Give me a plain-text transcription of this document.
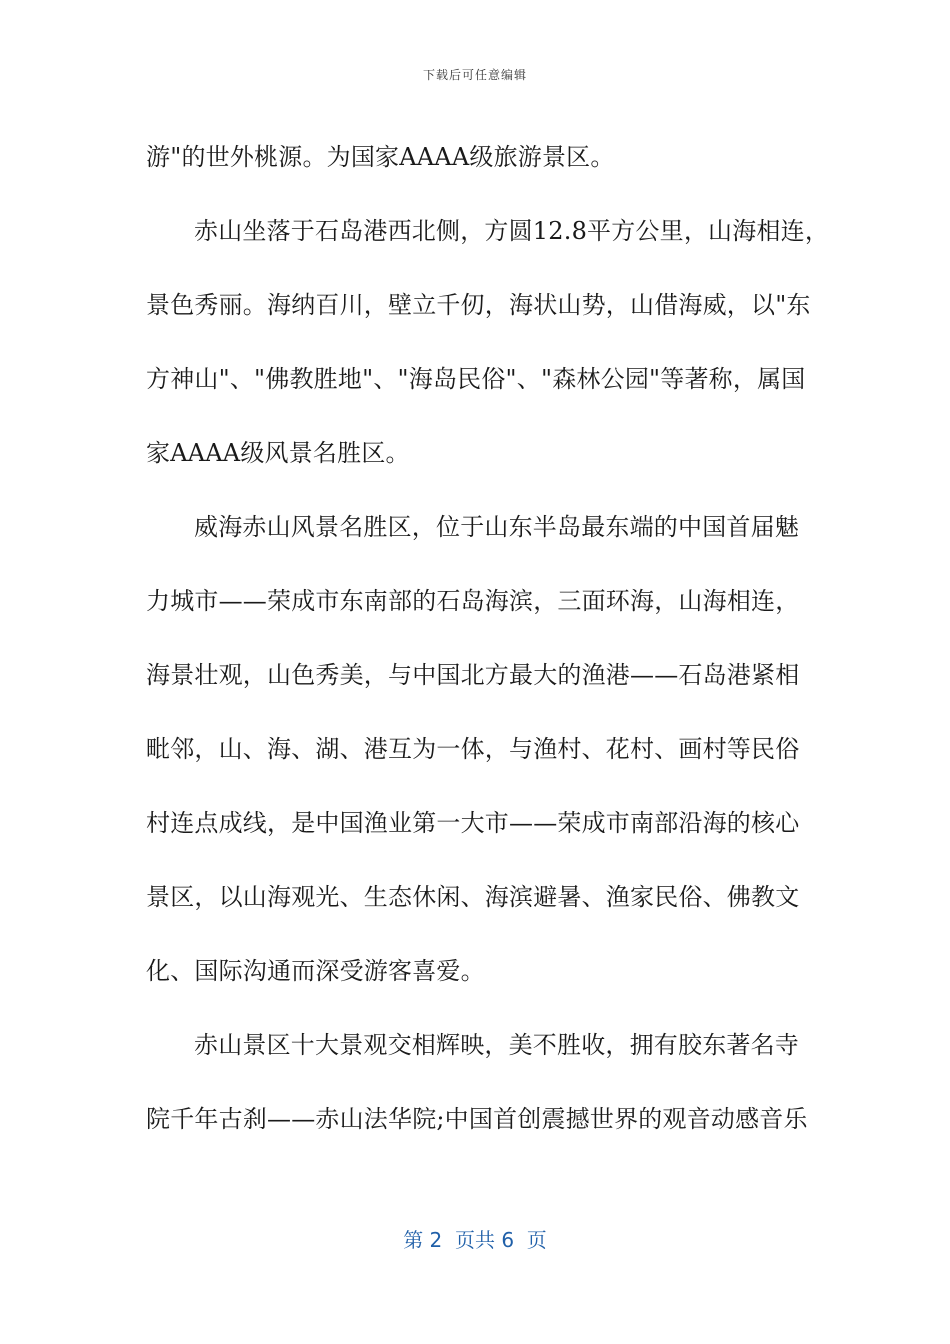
下载后可任意编辑
游"的世外桃源。为国家AAAA级旅游景区。
赤山坐落于石岛港西北侧，方圆12.8平方公里，山海相连，
景色秀丽。海纳百川，壁立千仞，海状山势，山借海威，以"东
方神山"、"佛教胜地"、"海岛民俗"、"森林公园"等著称，属国
家AAAA级风景名胜区。
威海赤山风景名胜区，位于山东半岛最东端的中国首届魅
力城市——荣成市东南部的石岛海滨，三面环海，山海相连，
海景壮观，山色秀美，与中国北方最大的渔港——石岛港紧相
毗邻，山、海、湖、港互为一体，与渔村、花村、画村等民俗
村连点成线，是中国渔业第一大市——荣成市南部沿海的核心
景区，以山海观光、生态休闲、海滨避暑、渔家民俗、佛教文
化、国际沟通而深受游客喜爱。
赤山景区十大景观交相辉映，美不胜收，拥有胶东著名寺
院千年古刹——赤山法华院;中国首创震撼世界的观音动感音乐
第 2  页共 6  页
